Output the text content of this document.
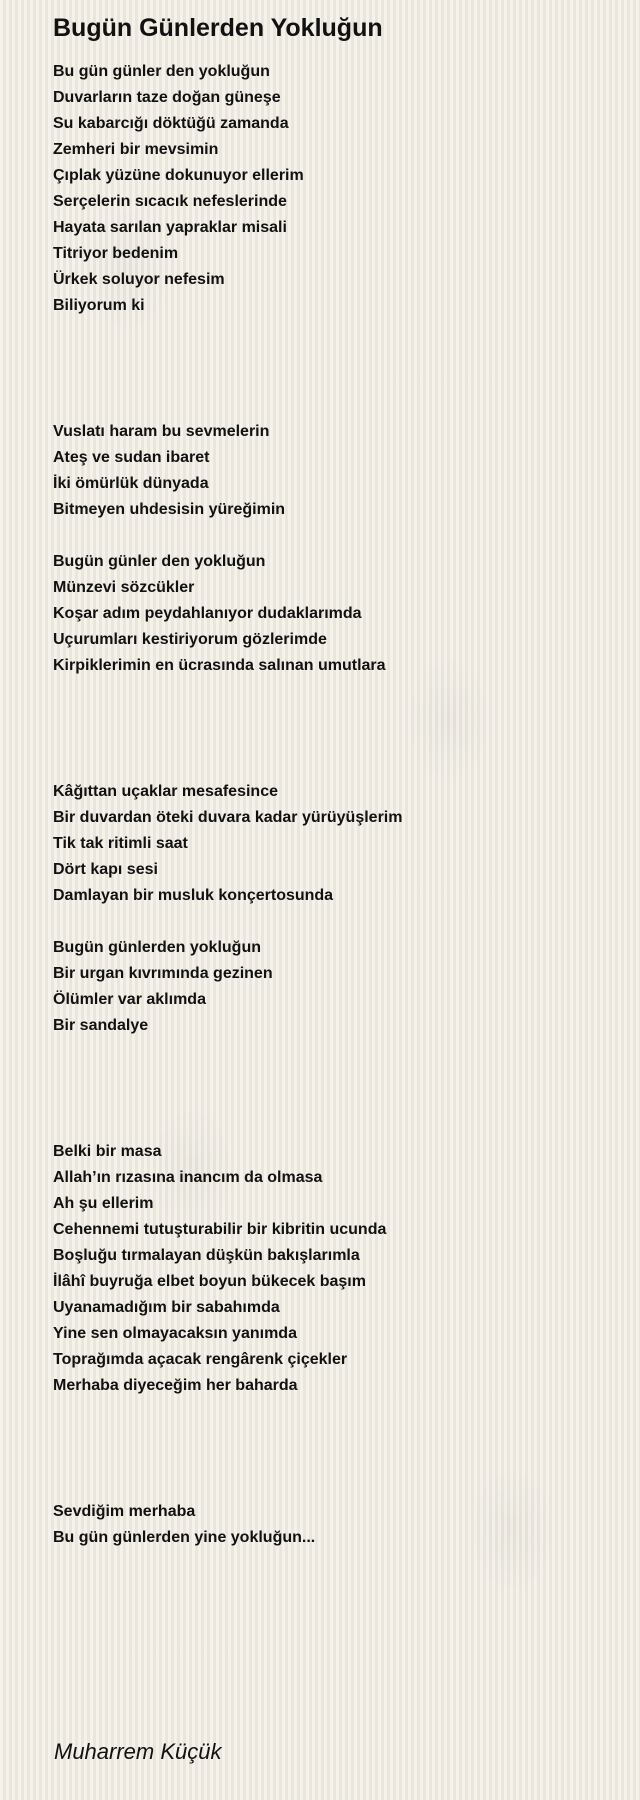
Bugün Günlerden Yokluğun
Bu gün günler den yokluğun
Duvarların taze doğan güneşe
Su kabarcığı döktüğü zamanda
Zemheri bir mevsimin
Çıplak yüzüne dokunuyor ellerim
Serçelerin sıcacık nefeslerinde
Hayata sarılan yapraklar misali
Titriyor bedenim
Ürkek soluyor nefesim
Biliyorum ki
Vuslatı haram bu sevmelerin
Ateş ve sudan ibaret
İki ömürlük dünyada
Bitmeyen uhdesisin yüreğimin
Bugün günler den yokluğun
Münzevi sözcükler
Koşar adım peydahlanıyor dudaklarımda
Uçurumları kestiriyorum gözlerimde
Kirpiklerimin en ücrasında salınan umutlara
Kâğıttan uçaklar mesafesince
Bir duvardan öteki duvara kadar yürüyüşlerim
Tik tak ritimli saat
Dört kapı sesi
Damlayan bir musluk konçertosunda
Bugün günlerden yokluğun
Bir urgan kıvrımında gezinen
Ölümler var aklımda
Bir sandalye
Belki bir masa
Allah’ın rızasına inancım da olmasa
Ah şu ellerim
Cehennemi tutuşturabilir bir kibritin ucunda
Boşluğu tırmalayan düşkün bakışlarımla
İlâhî buyruğa elbet boyun bükecek başım
Uyanamadığım bir sabahımda
Yine sen olmayacaksın yanımda
Toprağımda açacak rengârenk çiçekler
Merhaba diyeceğim her baharda
Sevdiğim merhaba
Bu gün günlerden yine yokluğun...

Muharrem Küçük
